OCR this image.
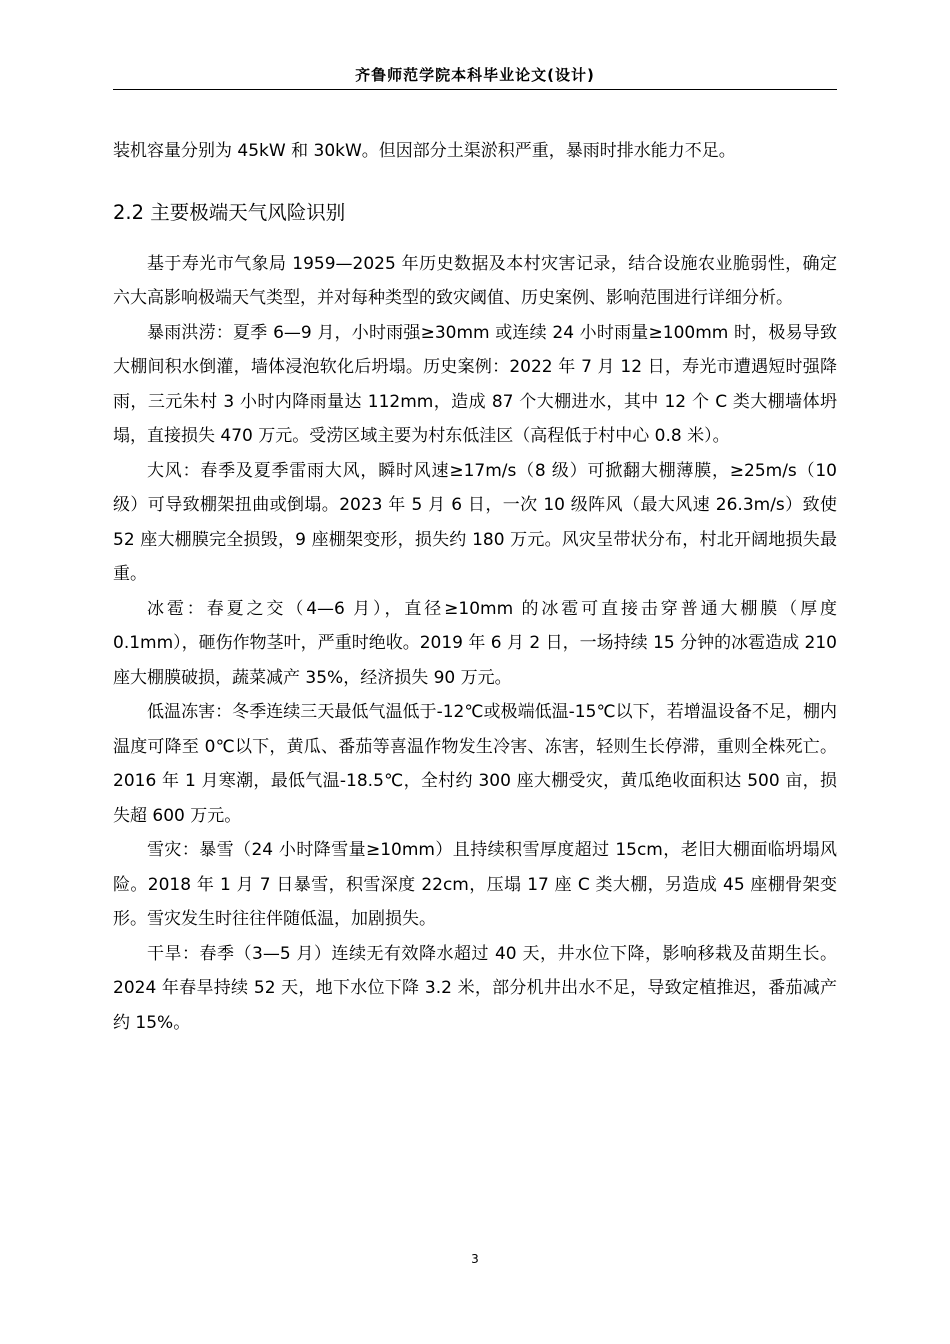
齐鲁师范学院本科毕业论文(设计)

装机容量分别为 45kW 和 30kW。但因部分土渠淤积严重，暴雨时排水能力不足。

2.2 主要极端天气风险识别

基于寿光市气象局 1959—2025 年历史数据及本村灾害记录，结合设施农业脆弱性，确定六大高影响极端天气类型，并对每种类型的致灾阈值、历史案例、影响范围进行详细分析。

暴雨洪涝：夏季 6—9 月，小时雨强≥30mm 或连续 24 小时雨量≥100mm 时，极易导致大棚间积水倒灌，墙体浸泡软化后坍塌。历史案例：2022 年 7 月 12 日，寿光市遭遇短时强降雨，三元朱村 3 小时内降雨量达 112mm，造成 87 个大棚进水，其中 12 个 C 类大棚墙体坍塌，直接损失 470 万元。受涝区域主要为村东低洼区（高程低于村中心 0.8 米）。

大风：春季及夏季雷雨大风，瞬时风速≥17m/s（8 级）可掀翻大棚薄膜，≥25m/s（10 级）可导致棚架扭曲或倒塌。2023 年 5 月 6 日，一次 10 级阵风（最大风速 26.3m/s）致使 52 座大棚膜完全损毁，9 座棚架变形，损失约 180 万元。风灾呈带状分布，村北开阔地损失最重。

冰雹：春夏之交（4—6 月），直径≥10mm 的冰雹可直接击穿普通大棚膜（厚度 0.1mm），砸伤作物茎叶，严重时绝收。2019 年 6 月 2 日，一场持续 15 分钟的冰雹造成 210 座大棚膜破损，蔬菜减产 35%，经济损失 90 万元。

低温冻害：冬季连续三天最低气温低于-12℃或极端低温-15℃以下，若增温设备不足，棚内温度可降至 0℃以下，黄瓜、番茄等喜温作物发生冷害、冻害，轻则生长停滞，重则全株死亡。2016 年 1 月寒潮，最低气温-18.5℃，全村约 300 座大棚受灾，黄瓜绝收面积达 500 亩，损失超 600 万元。

雪灾：暴雪（24 小时降雪量≥10mm）且持续积雪厚度超过 15cm，老旧大棚面临坍塌风险。2018 年 1 月 7 日暴雪，积雪深度 22cm，压塌 17 座 C 类大棚，另造成 45 座棚骨架变形。雪灾发生时往往伴随低温，加剧损失。

干旱：春季（3—5 月）连续无有效降水超过 40 天，井水位下降，影响移栽及苗期生长。2024 年春旱持续 52 天，地下水位下降 3.2 米，部分机井出水不足，导致定植推迟，番茄减产约 15%。

3
